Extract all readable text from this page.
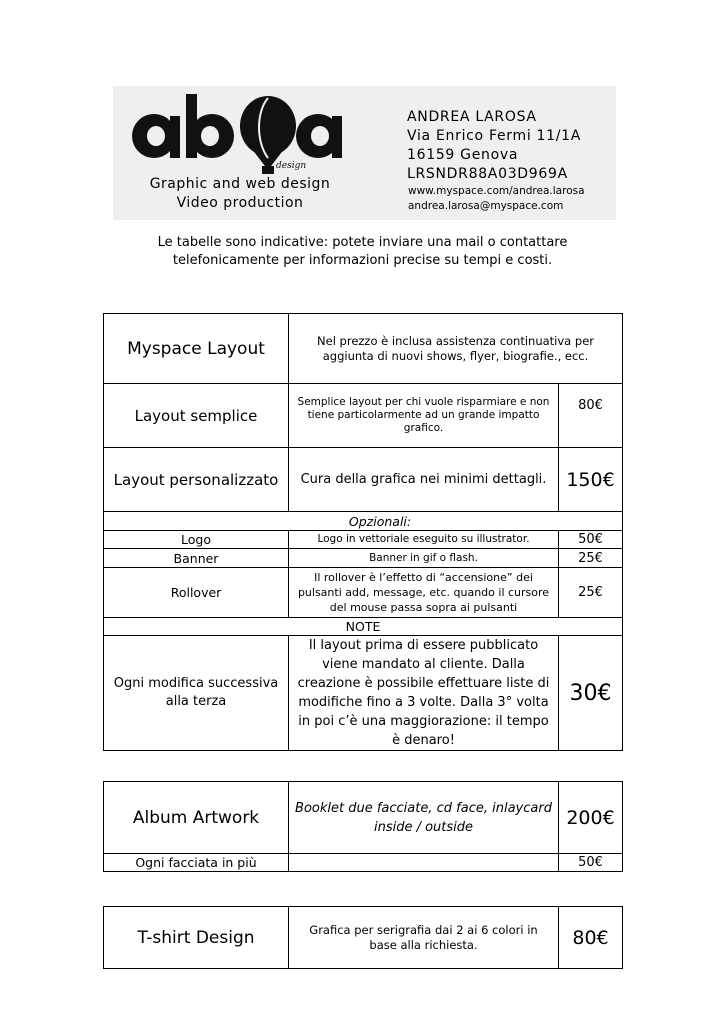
design
Graphic and web design
Video production
ANDREA LAROSA
Via Enrico Fermi 11/1A
16159 Genova
LRSNDR88A03D969A
www.myspace.com/andrea.larosa
andrea.larosa@myspace.com
Le tabelle sono indicative: potete inviare una mail o contattare
telefonicamente per informazioni precise su tempi e costi.
Myspace Layout	Nel prezzo è inclusa assistenza continuativa per aggiunta di nuovi shows, flyer, biografie., ecc.	
Layout semplice	Semplice layout per chi vuole risparmiare e non tiene particolarmente ad un grande impatto grafico.	80€
Layout personalizzato	Cura della grafica nei minimi dettagli.	150€
Opzionali:		
Logo	Logo in vettoriale eseguito su illustrator.	50€
Banner	Banner in gif o flash.	25€
Rollover	Il rollover è l’effetto di “accensione” dei pulsanti add, message, etc. quando il cursore del mouse passa sopra ai pulsanti	25€
NOTE		
Ogni modifica successiva alla terza	Il layout prima di essere pubblicato viene mandato al cliente. Dalla creazione è possibile effettuare liste di modifiche fino a 3 volte. Dalla 3° volta in poi c’è una maggiorazione: il tempo è denaro!	30€
Album Artwork	Booklet due facciate, cd face, inlaycard inside / outside	200€
Ogni facciata in più		50€
T-shirt Design	Grafica per serigrafia dai 2 ai 6 colori in base alla richiesta.	80€
